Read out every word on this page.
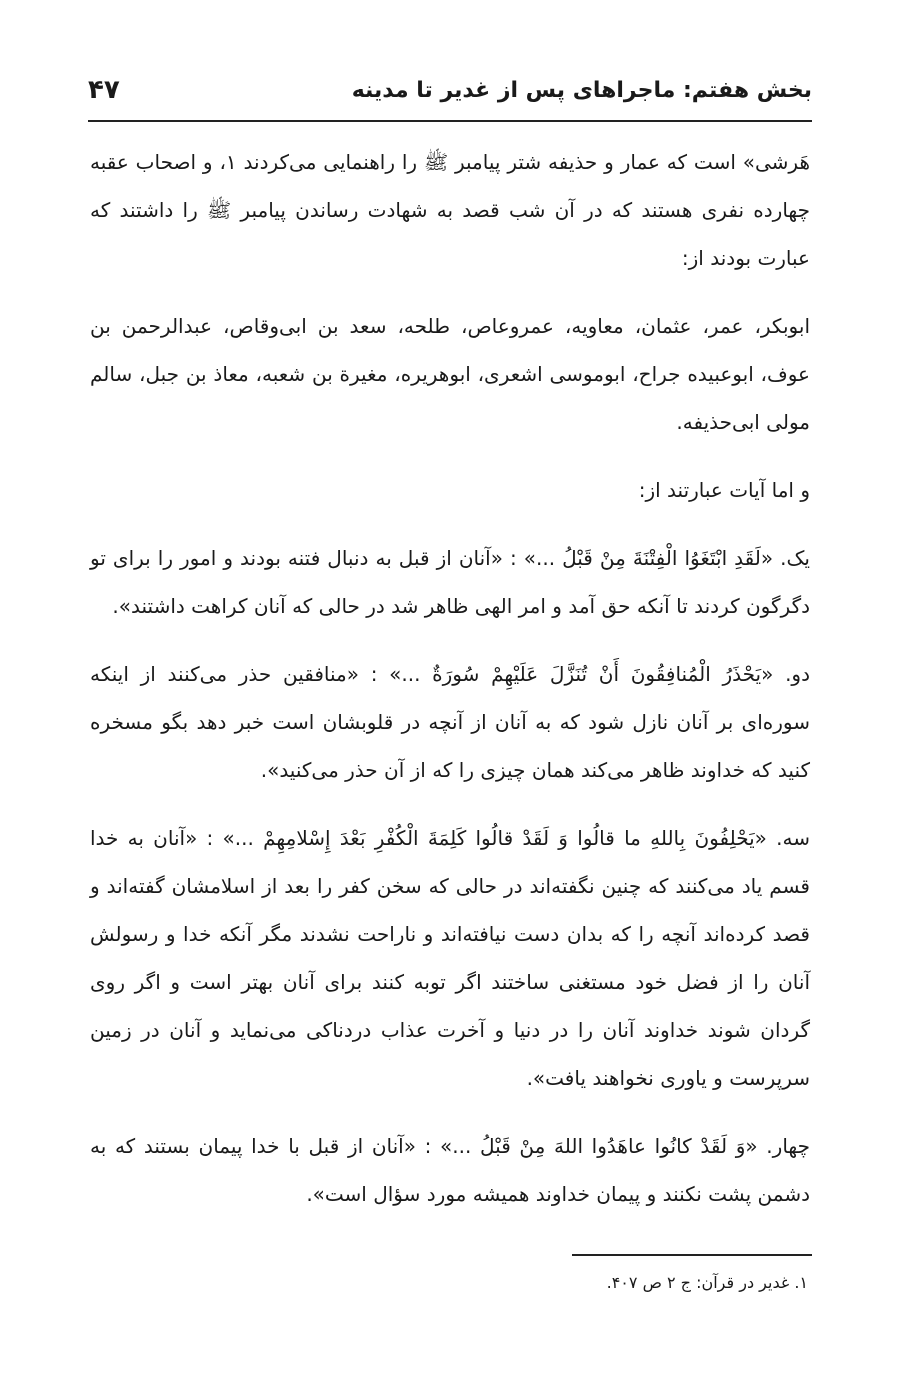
بخش هفتم: ماجراهای پس از غدیر تا مدینه
۴۷

هَرشی» است که عمار و حذیفه شتر پیامبر ﷺ را راهنمایی می‌کردند ۱، و اصحاب عقبه چهارده نفری هستند که در آن شب قصد به شهادت رساندن پیامبر ﷺ را داشتند که عبارت بودند از:

ابوبکر، عمر، عثمان، معاویه، عمروعاص، طلحه، سعد بن ابی‌وقاص، عبدالرحمن بن عوف، ابوعبیده جراح، ابوموسی اشعری، ابوهریره، مغیرة بن شعبه، معاذ بن جبل، سالم مولی ابی‌حذیفه.

و اما آیات عبارتند از:

یک. «لَقَدِ ابْتَغَوُا الْفِتْنَةَ مِنْ قَبْلُ ...» : «آنان از قبل به دنبال فتنه بودند و امور را برای تو دگرگون کردند تا آنکه حق آمد و امر الهی ظاهر شد در حالی که آنان کراهت داشتند».

دو. «یَحْذَرُ الْمُنافِقُونَ أَنْ تُنَزَّلَ عَلَیْهِمْ سُورَةٌ ...» : «منافقین حذر می‌کنند از اینکه سوره‌ای بر آنان نازل شود که به آنان از آنچه در قلوبشان است خبر دهد بگو مسخره کنید که خداوند ظاهر می‌کند همان چیزی را که از آن حذر می‌کنید».

سه. «یَحْلِفُونَ بِاللهِ ما قالُوا وَ لَقَدْ قالُوا کَلِمَةَ الْکُفْرِ بَعْدَ إِسْلامِهِمْ ...» : «آنان به خدا قسم یاد می‌کنند که چنین نگفته‌اند در حالی که سخن کفر را بعد از اسلامشان گفته‌اند و قصد کرده‌اند آنچه را که بدان دست نیافته‌اند و ناراحت نشدند مگر آنکه خدا و رسولش آنان را از فضل خود مستغنی ساختند اگر توبه کنند برای آنان بهتر است و اگر روی گردان شوند خداوند آنان را در دنیا و آخرت عذاب دردناکی می‌نماید و آنان در زمین سرپرست و یاوری نخواهند یافت».

چهار. «وَ لَقَدْ کانُوا عاهَدُوا اللهَ مِنْ قَبْلُ ...» : «آنان از قبل با خدا پیمان بستند که به دشمن پشت نکنند و پیمان خداوند همیشه مورد سؤال است».

۱. غدیر در قرآن: ج ۲ ص ۴۰۷.
